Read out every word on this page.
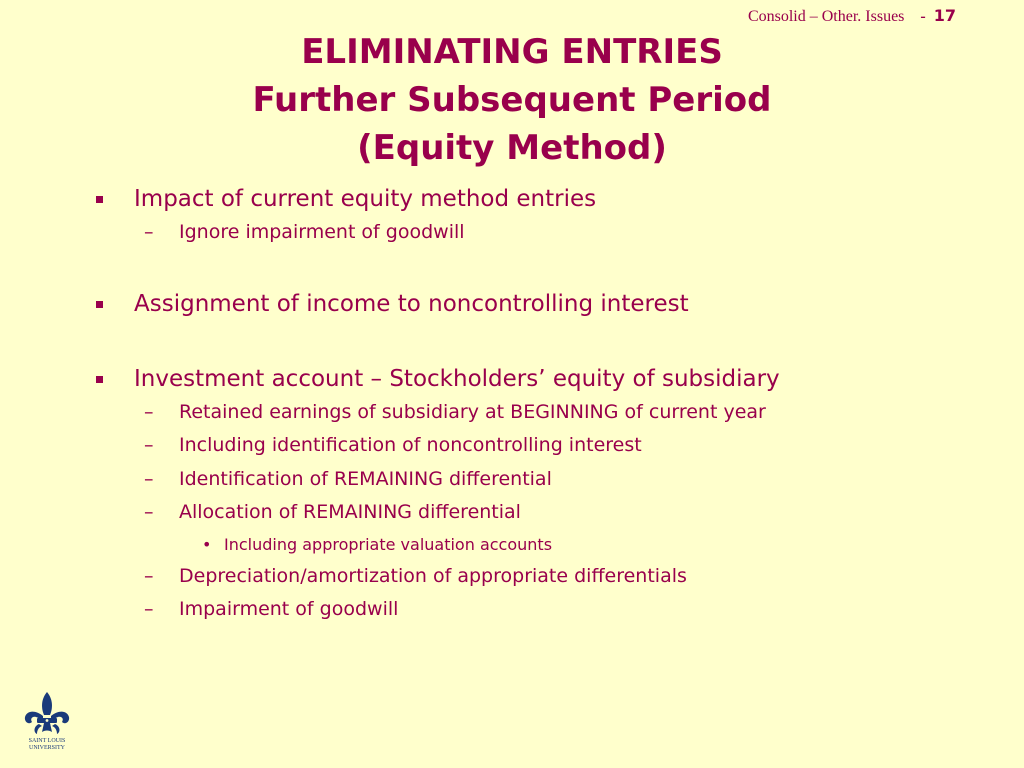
Consolid – Other. Issues - 17
ELIMINATING ENTRIES
Further Subsequent Period
(Equity Method)
Impact of current equity method entries
– Ignore impairment of goodwill
Assignment of income to noncontrolling interest
Investment account – Stockholders’ equity of subsidiary
– Retained earnings of subsidiary at BEGINNING of current year
– Including identification of noncontrolling interest
– Identification of REMAINING differential
– Allocation of REMAINING differential
• Including appropriate valuation accounts
– Depreciation/amortization of appropriate differentials
– Impairment of goodwill
SAINT LOUIS
UNIVERSITY
